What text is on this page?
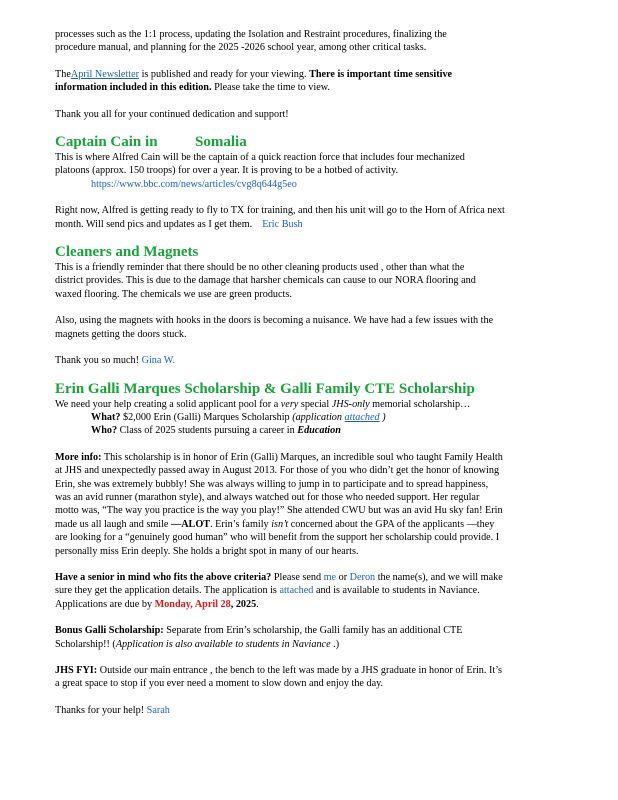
processes such as the 1:1 process, updating the Isolation and Restraint procedures, finalizing the

procedure manual, and planning for the 2025 -2026 school year, among other critical tasks.

TheApril Newsletter is published and ready for your viewing. There is important time sensitive
information included in this edition. Please take the time to view.

Thank you all for your continued dedication and support!

Captain Cain in          Somalia

This is where Alfred Cain will be the captain of a quick reaction force that includes four mechanized

platoons (approx. 150 troops) for over a year. It is proving to be a hotbed of activity.

https://www.bbc.com/news/articles/cvg8q644g5eo

Right now, Alfred is getting ready to fly to TX for training, and then his unit will go to the Horn of Africa next

month. Will send pics and updates as I get them. Eric Bush

Cleaners and Magnets

This is a friendly reminder that there should be no other cleaning products used , other than what the

district provides. This is due to the damage that harsher chemicals can cause to our NORA flooring and

waxed flooring. The chemicals we use are green products.

Also, using the magnets with hooks in the doors is becoming a nuisance. We have had a few issues with the

magnets getting the doors stuck.

Thank you so much! Gina W.

Erin Galli Marques Scholarship & Galli Family CTE Scholarship

We need your help creating a solid applicant pool for a very special JHS-only memorial scholarship…

What? $2,000 Erin (Galli) Marques Scholarship (application attached )

Who? Class of 2025 students pursuing a career in Education

More info: This scholarship is in honor of Erin (Galli) Marques, an incredible soul who taught Family Health
at JHS and unexpectedly passed away in August 2013. For those of you who didn’t get the honor of knowing
Erin, she was extremely bubbly! She was always willing to jump in to participate and to spread happiness,
was an avid runner (marathon style), and always watched out for those who needed support. Her regular
motto was, “The way you practice is the way you play!” She attended CWU but was an avid Hu sky fan! Erin
made us all laugh and smile —ALOT. Erin’s family isn’t concerned about the GPA of the applicants —they
are looking for a “genuinely good human” who will benefit from the support her scholarship could provide. I
personally miss Erin deeply. She holds a bright spot in many of our hearts.

Have a senior in mind who fits the above criteria? Please send me or Deron the name(s), and we will make
sure they get the application details. The application is attached and is available to students in Naviance.
Applications are due by Monday, April 28, 2025.

Bonus Galli Scholarship: Separate from Erin’s scholarship, the Galli family has an additional CTE
Scholarship!! (Application is also available to students in Naviance .)

JHS FYI: Outside our main entrance , the bench to the left was made by a JHS graduate in honor of Erin. It’s
a great space to stop if you ever need a moment to slow down and enjoy the day.

Thanks for your help! Sarah
